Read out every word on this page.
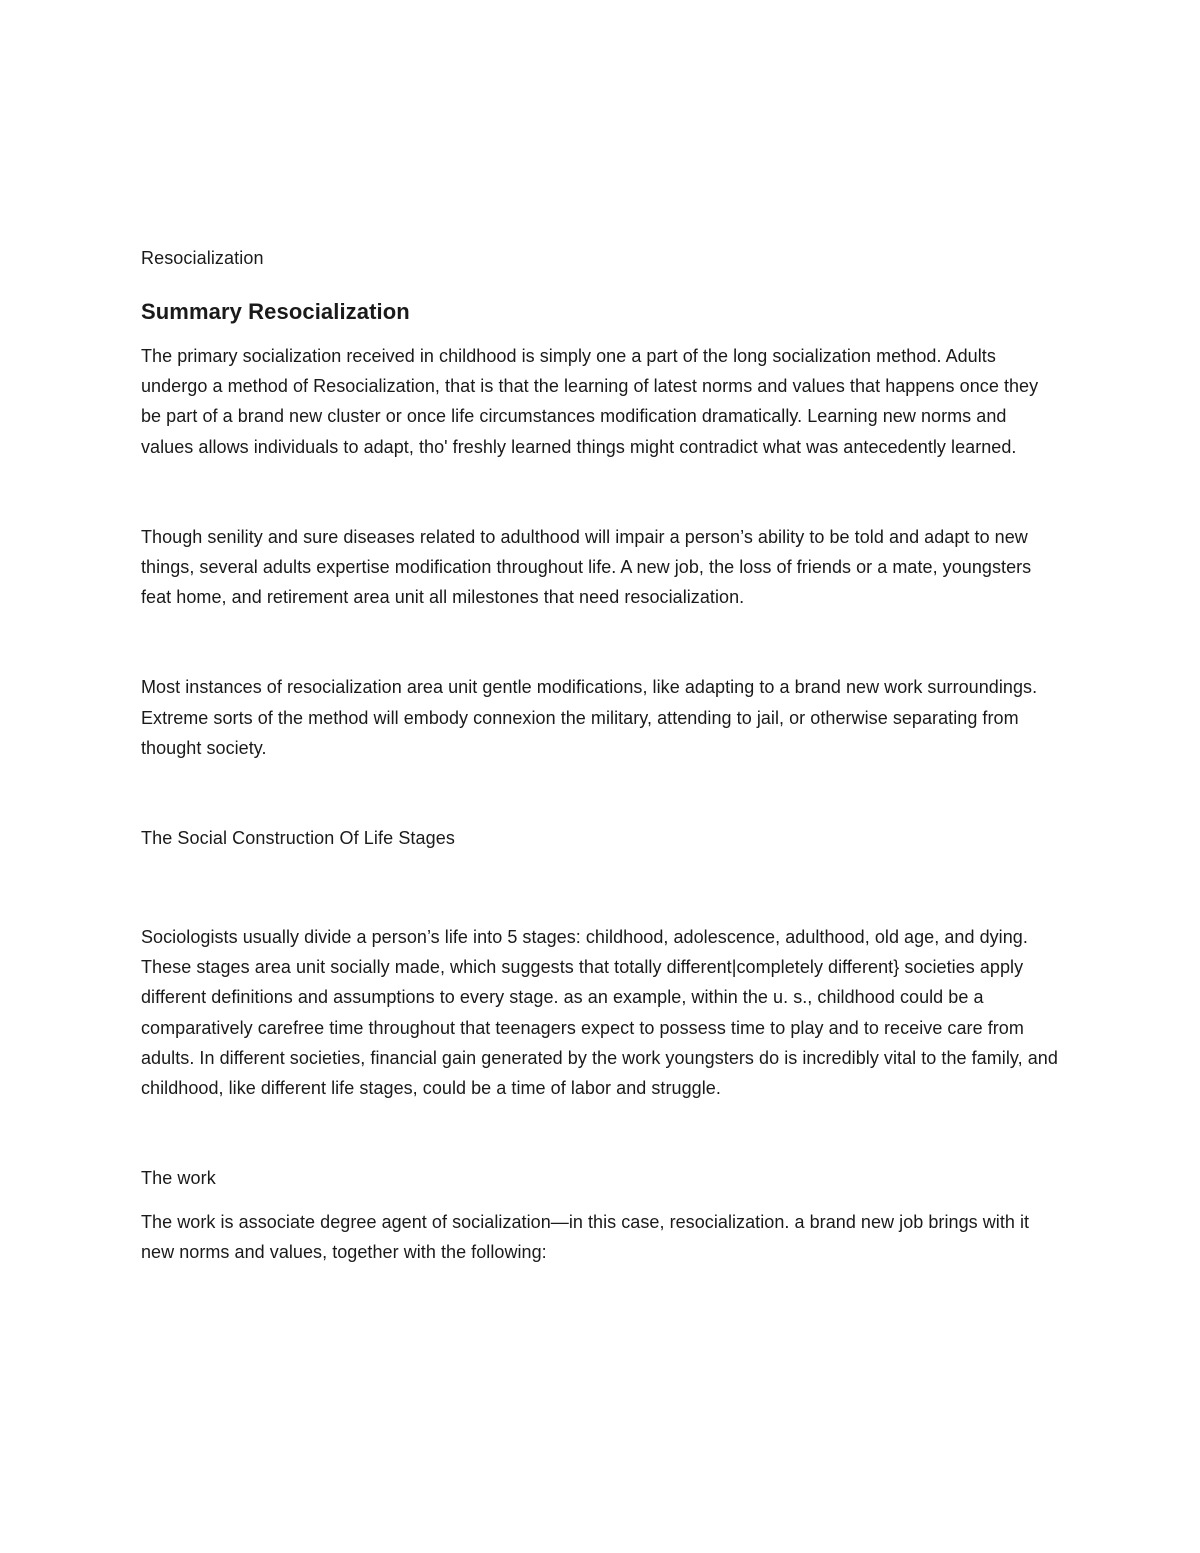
Resocialization

Summary Resocialization

The primary socialization received in childhood is simply one a part of the long socialization method. Adults undergo a method of Resocialization, that is that the learning of latest norms and values that happens once they be part of a brand new cluster or once life circumstances modification dramatically. Learning new norms and values allows individuals to adapt, tho' freshly learned things might contradict what was antecedently learned.

Though senility and sure diseases related to adulthood will impair a person’s ability to be told and adapt to new things, several adults expertise modification throughout life. A new job, the loss of friends or a mate, youngsters feat home, and retirement area unit all milestones that need resocialization.

Most instances of resocialization area unit gentle modifications, like adapting to a brand new work surroundings. Extreme sorts of the method will embody connexion the military, attending to jail, or otherwise separating from thought society.

The Social Construction Of Life Stages

Sociologists usually divide a person’s life into 5 stages: childhood, adolescence, adulthood, old age, and dying. These stages area unit socially made, which suggests that totally different|completely different} societies apply different definitions and assumptions to every stage. as an example, within the u. s., childhood could be a comparatively carefree time throughout that teenagers expect to possess time to play and to receive care from adults. In different societies, financial gain generated by the work youngsters do is incredibly vital to the family, and childhood, like different life stages, could be a time of labor and struggle.

The work

The work is associate degree agent of socialization—in this case, resocialization. a brand new job brings with it new norms and values, together with the following:
